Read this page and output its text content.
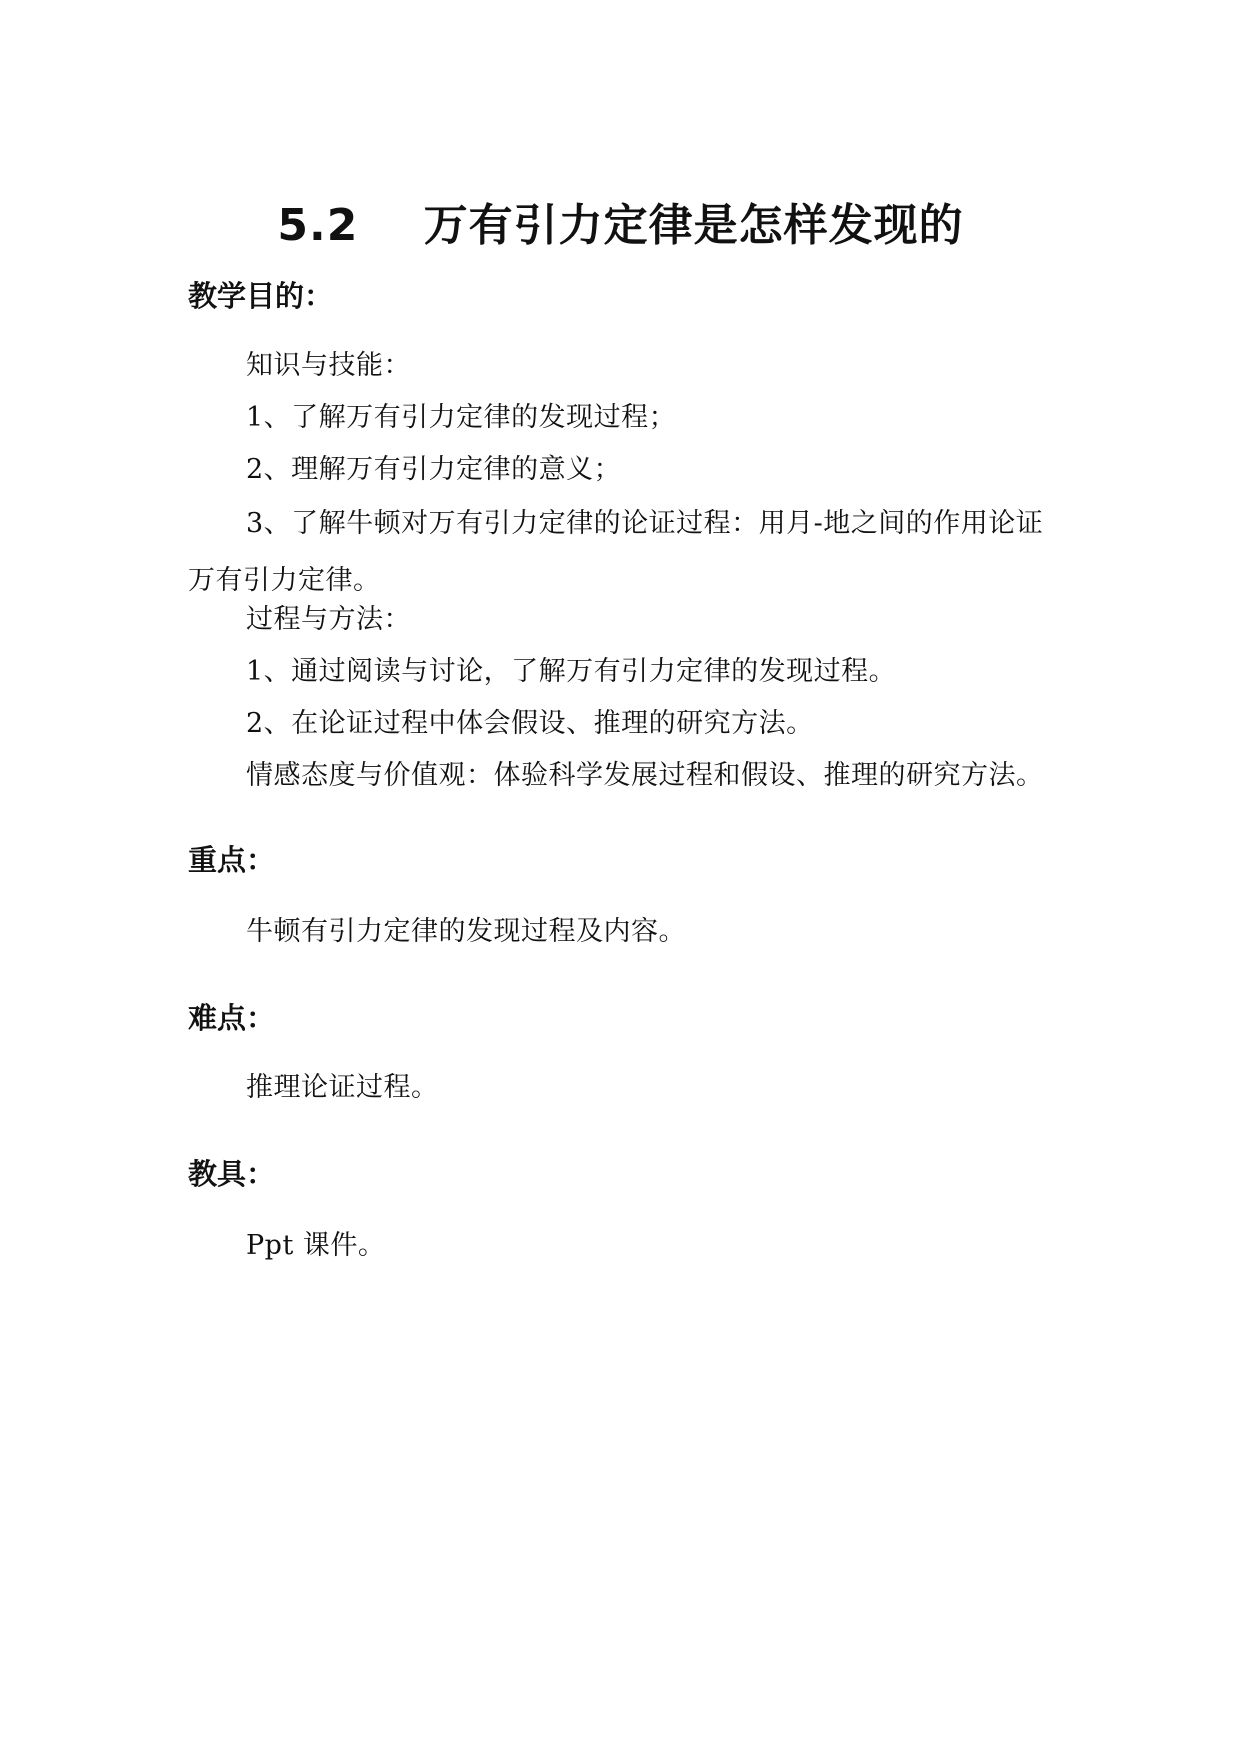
5.2    万有引力定律是怎样发现的
教学目的：
知识与技能：
1、了解万有引力定律的发现过程；
2、理解万有引力定律的意义；
3、了解牛顿对万有引力定律的论证过程：用月-地之间的作用论证万有引力定律。
过程与方法：
1、通过阅读与讨论，了解万有引力定律的发现过程。
2、在论证过程中体会假设、推理的研究方法。
情感态度与价值观：体验科学发展过程和假设、推理的研究方法。
重点：
牛顿有引力定律的发现过程及内容。
难点：
推理论证过程。
教具：
Ppt 课件。
